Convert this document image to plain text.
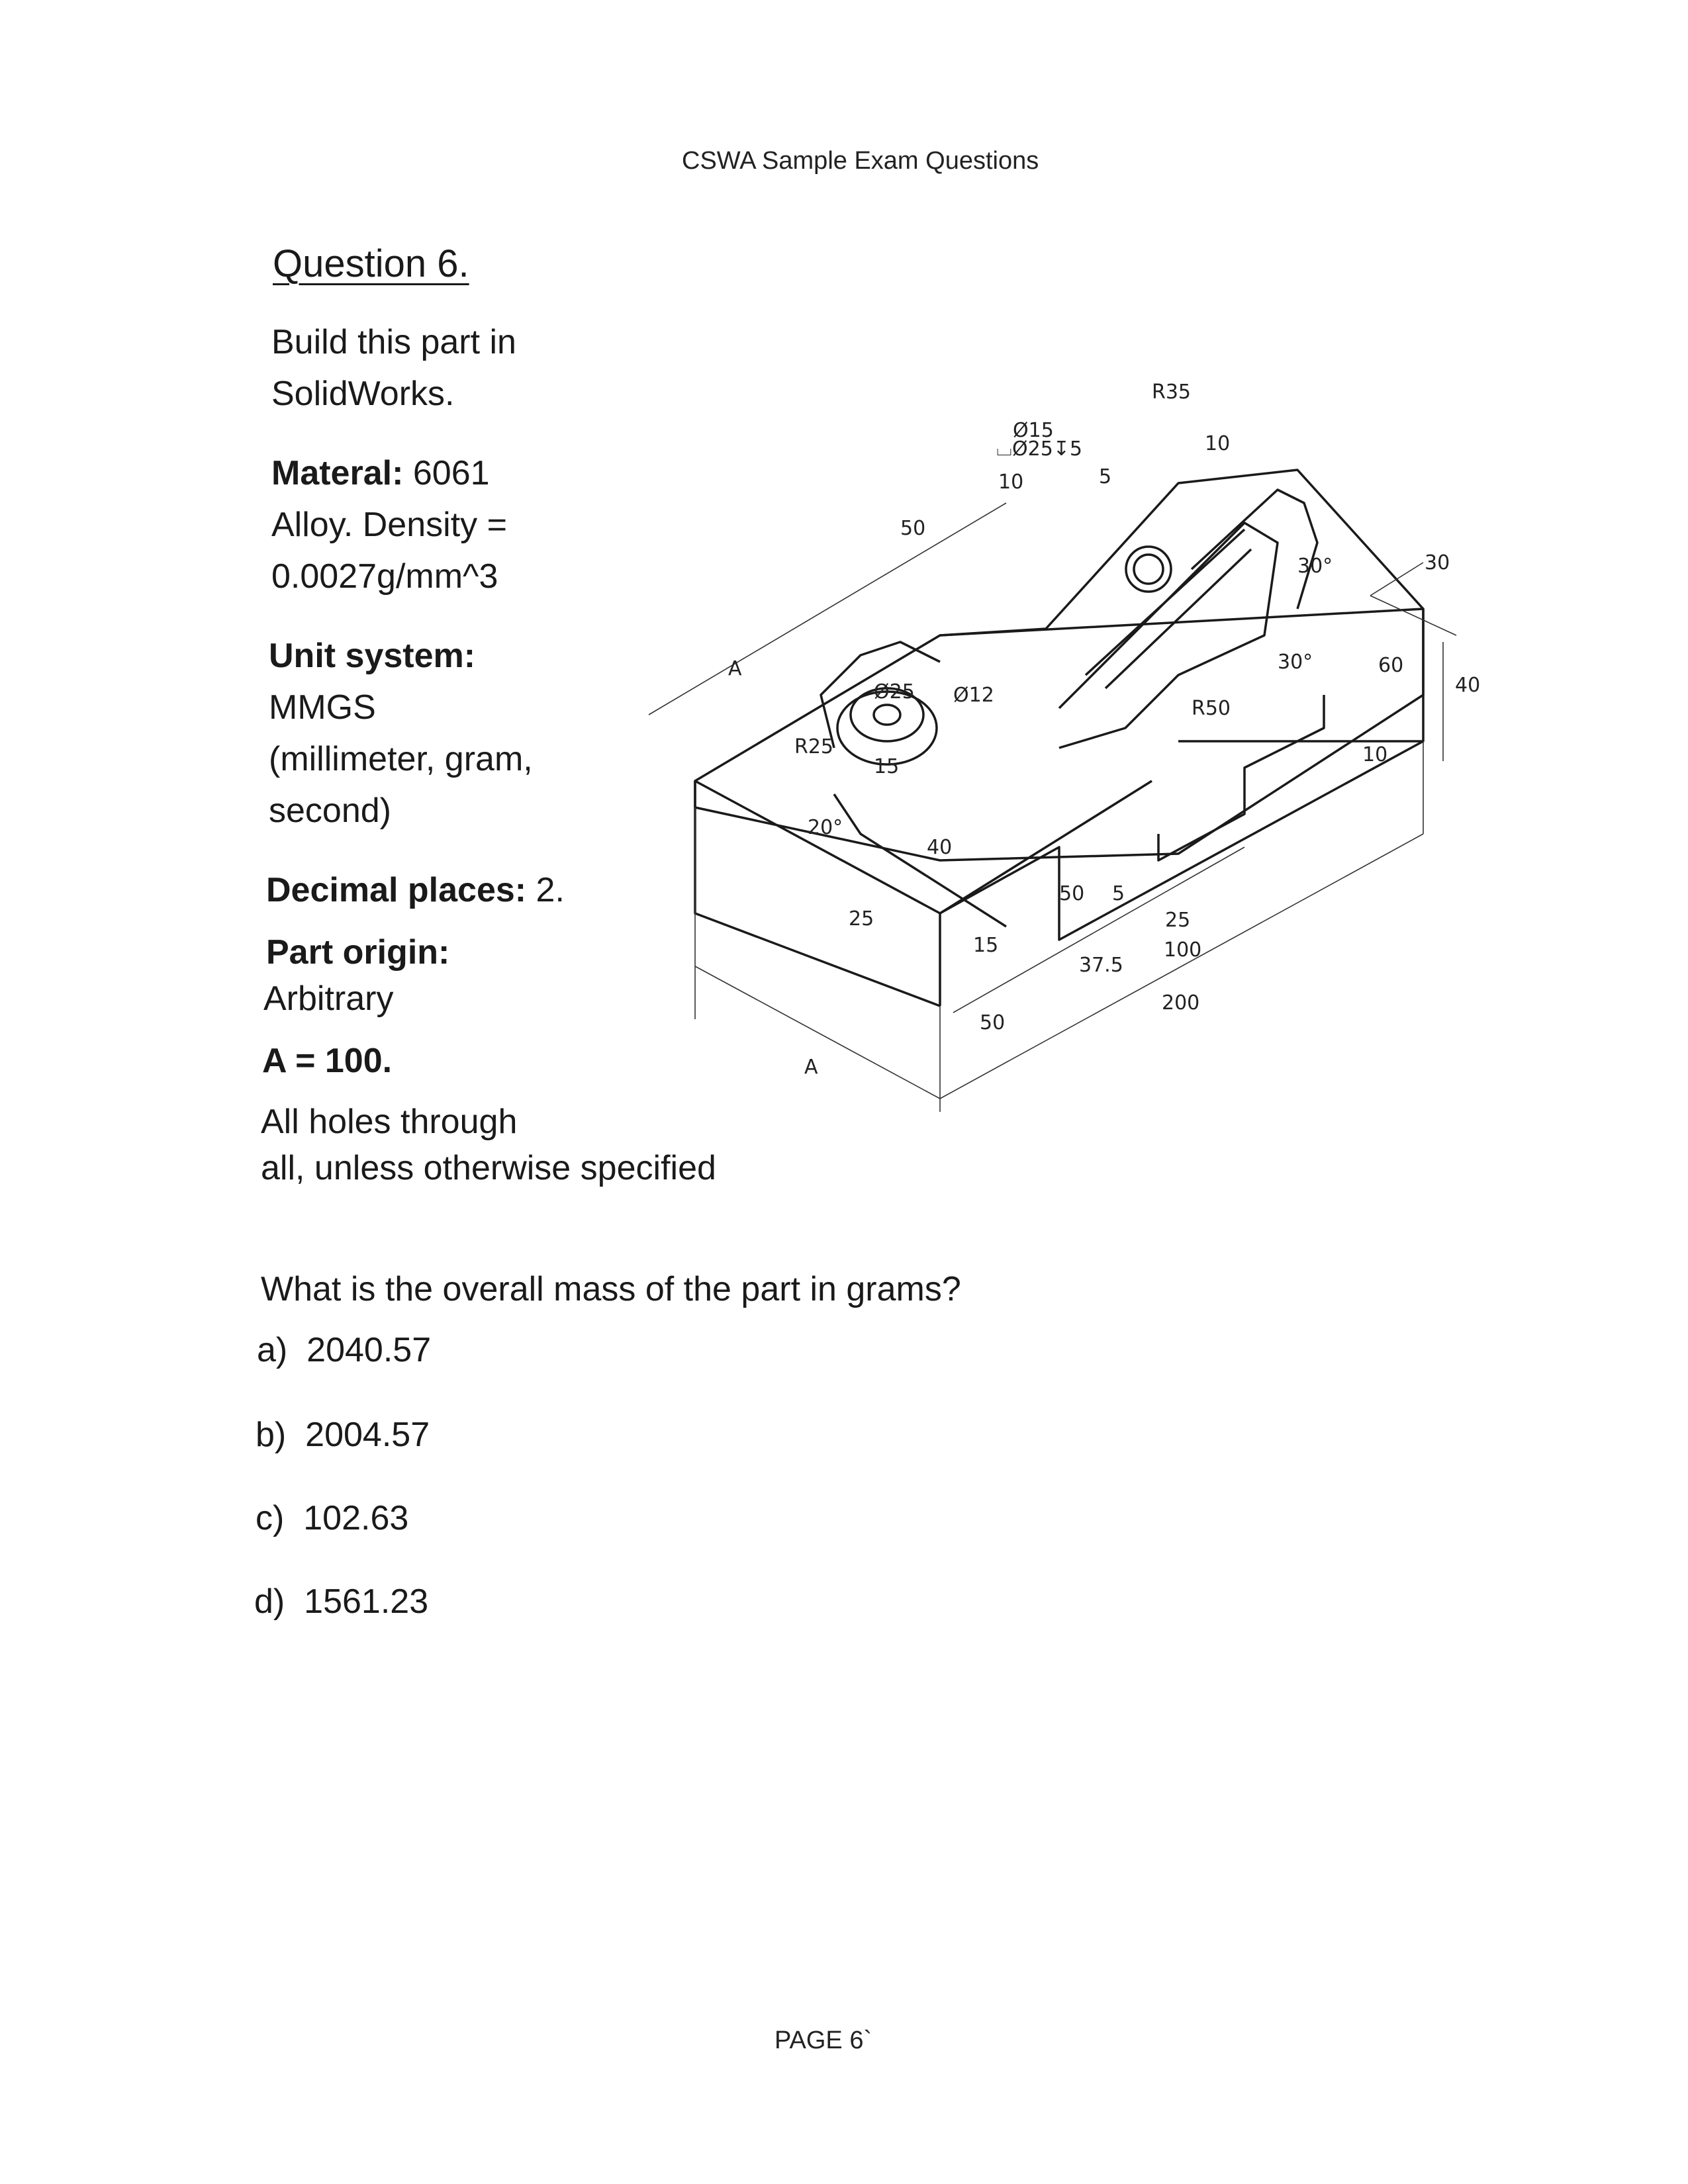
CSWA Sample Exam Questions
Question 6.
Build this part in
SolidWorks.
Materal: 6061
Alloy. Density =
0.0027g/mm^3
Unit system:
MMGS
(millimeter, gram,
second)
Decimal places: 2.
Part origin:
Arbitrary
A = 100.
All holes through
all, unless otherwise specified
Ø15
⌴Ø25↧5
R35
10
10	5
50
30°
30°
30
40
60
10
R50
A
A
Ø25 Ø12
R25
15
20°
40
25
5
50
15
25
100
37.5
200
50
What is the overall mass of the part in grams?
a) 2040.57
b) 2004.57
c) 102.63
d) 1561.23
PAGE 6`
